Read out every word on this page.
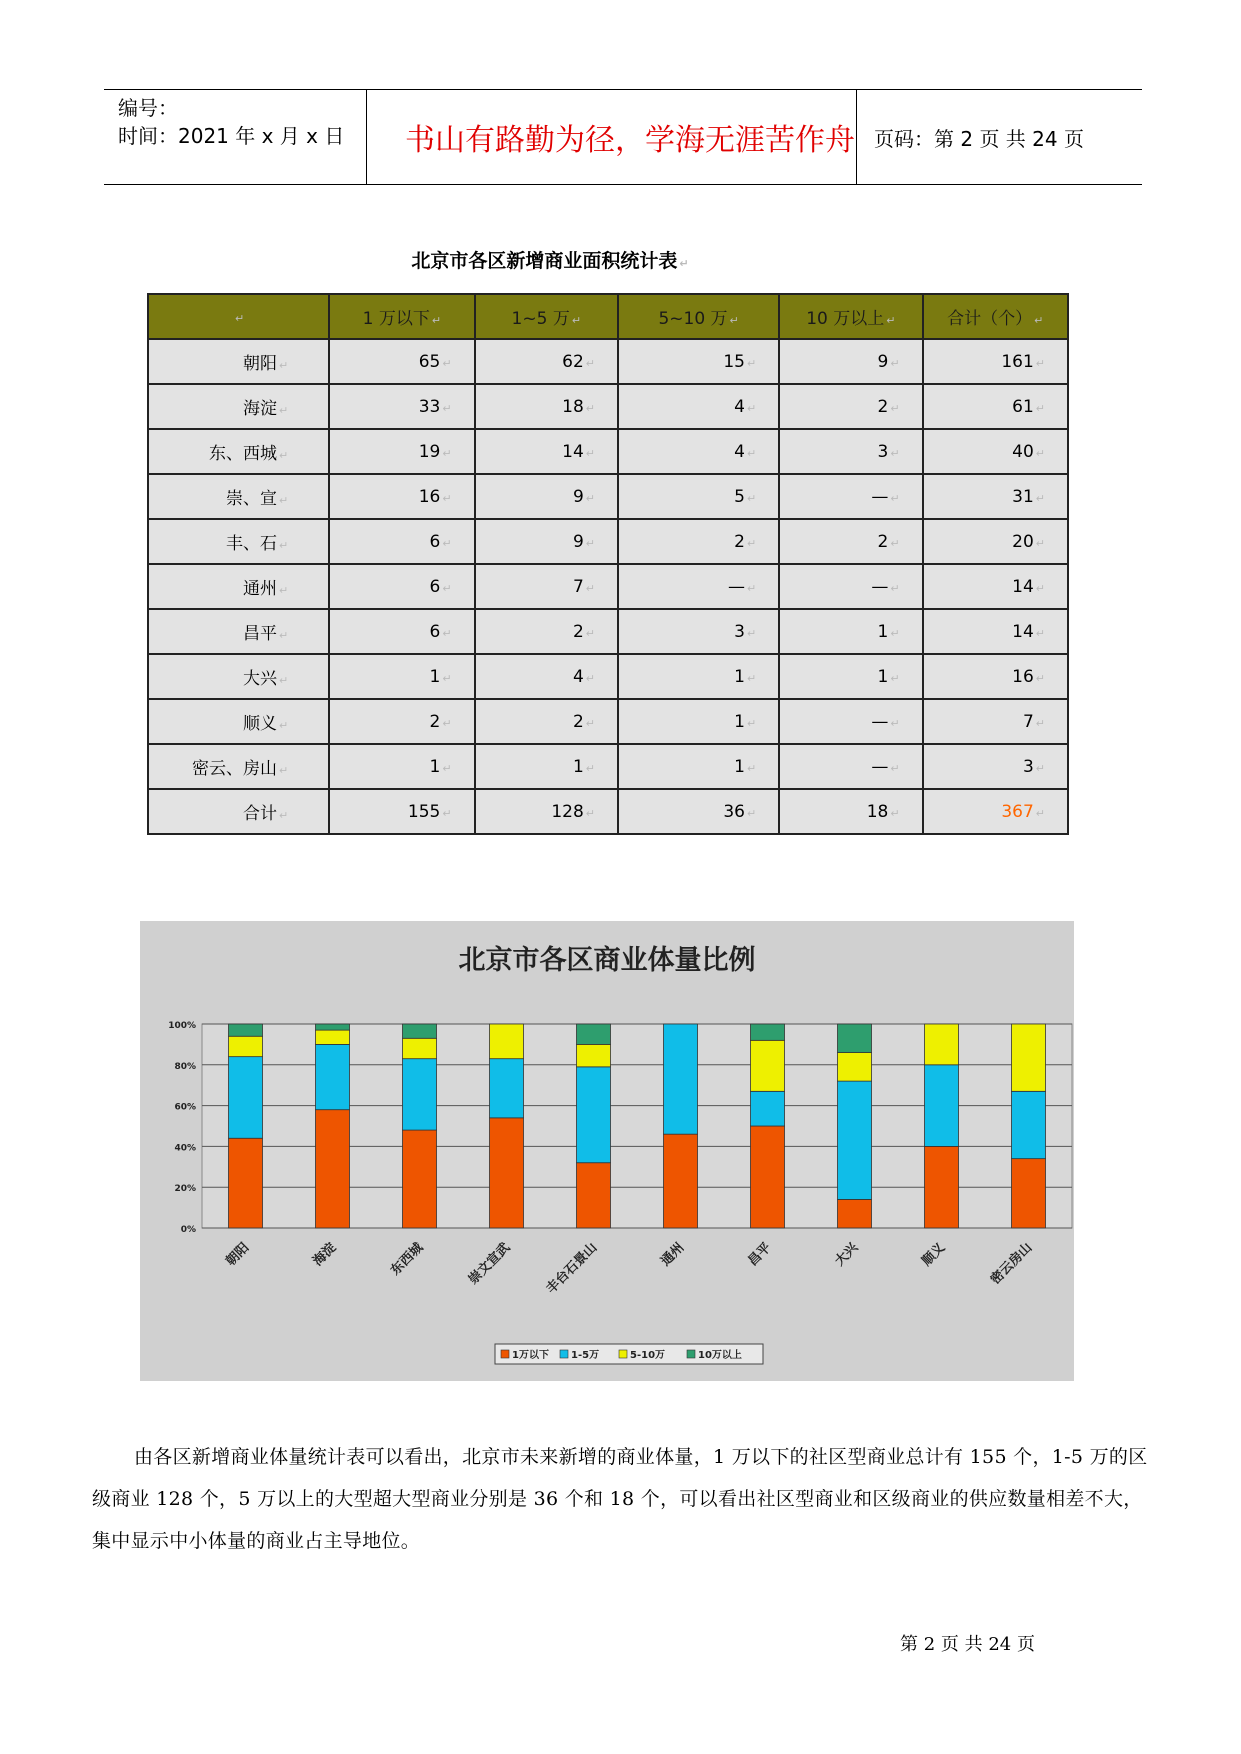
编号：
时间：2021 年 x 月 x 日	书山有路勤为径，学海无涯苦作舟 页码：第 2 页 共 24 页
北京市各区新增商业面积统计表 ↵
↵	1 万以下 ↵	1~5 万 ↵	5~10 万 ↵	10 万以上 ↵	合计（个） ↵
朝阳 ↵	65 ↵	62 ↵	15 ↵	9 ↵	161 ↵
海淀 ↵	33 ↵	18 ↵	4 ↵	2 ↵	61 ↵
东、西城 ↵	19 ↵	14 ↵	4 ↵	3 ↵	40 ↵
崇、宣 ↵	16 ↵	9 ↵	5 ↵	— ↵	31 ↵
丰、石 ↵	6 ↵	9 ↵	2 ↵	2 ↵	20 ↵
通州 ↵	6 ↵	7 ↵	— ↵	— ↵	14 ↵
昌平 ↵	6 ↵	2 ↵	3 ↵	1 ↵	14 ↵
大兴 ↵	1 ↵	4 ↵	1 ↵	1 ↵	16 ↵
顺义 ↵	2 ↵	2 ↵	1 ↵	— ↵	7 ↵
密云、房山 ↵	1 ↵	1 ↵	1 ↵	— ↵	3 ↵
合计 ↵	155 ↵	128 ↵	36 ↵	18 ↵	367 ↵
北京市各区商业体量比例
0%
20%
40%
60%
80%
100%
朝阳	海淀	东西城	崇文宣武 丰台石景山	通州	昌平	大兴	顺义	密云房山
1万以下 1-5万	5-10万	10万以上
由各区新增商业体量统计表可以看出，北京市未来新增的商业体量，1 万以下的社区型商业总计有 155 个，1-5 万的区级商业 128 个，5 万以上的大型超大型商业分别是 36 个和 18 个，可以看出社区型商业和区级商业的供应数量相差不大，集中显示中小体量的商业占主导地位。
第 2 页 共 24 页
